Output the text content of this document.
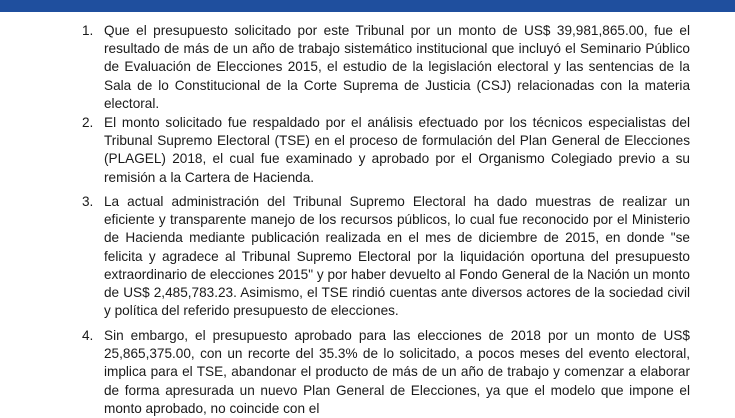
1. Que el presupuesto solicitado por este Tribunal por un monto de US$ 39,981,865.00, fue el resultado de más de un año de trabajo sistemático institucional que incluyó el Seminario Público de Evaluación de Elecciones 2015, el estudio de la legislación electoral y las sentencias de la Sala de lo Constitucional de la Corte Suprema de Justicia (CSJ) relacionadas con la materia electoral.
2. El monto solicitado fue respaldado por el análisis efectuado por los técnicos especialistas del Tribunal Supremo Electoral (TSE) en el proceso de formulación del Plan General de Elecciones (PLAGEL) 2018, el cual fue examinado y aprobado por el Organismo Colegiado previo a su remisión a la Cartera de Hacienda.
3. La actual administración del Tribunal Supremo Electoral ha dado muestras de realizar un eficiente y transparente manejo de los recursos públicos, lo cual fue reconocido por el Ministerio de Hacienda mediante publicación realizada en el mes de diciembre de 2015, en donde "se felicita y agradece al Tribunal Supremo Electoral por la liquidación oportuna del presupuesto extraordinario de elecciones 2015" y por haber devuelto al Fondo General de la Nación un monto de US$ 2,485,783.23. Asimismo, el TSE rindió cuentas ante diversos actores de la sociedad civil y política del referido presupuesto de elecciones.
4. Sin embargo, el presupuesto aprobado para las elecciones de 2018 por un monto de US$ 25,865,375.00, con un recorte del 35.3% de lo solicitado, a pocos meses del evento electoral, implica para el TSE, abandonar el producto de más de un año de trabajo y comenzar a elaborar de forma apresurada un nuevo Plan General de Elecciones, ya que el modelo que impone el monto aprobado, no coincide con el
